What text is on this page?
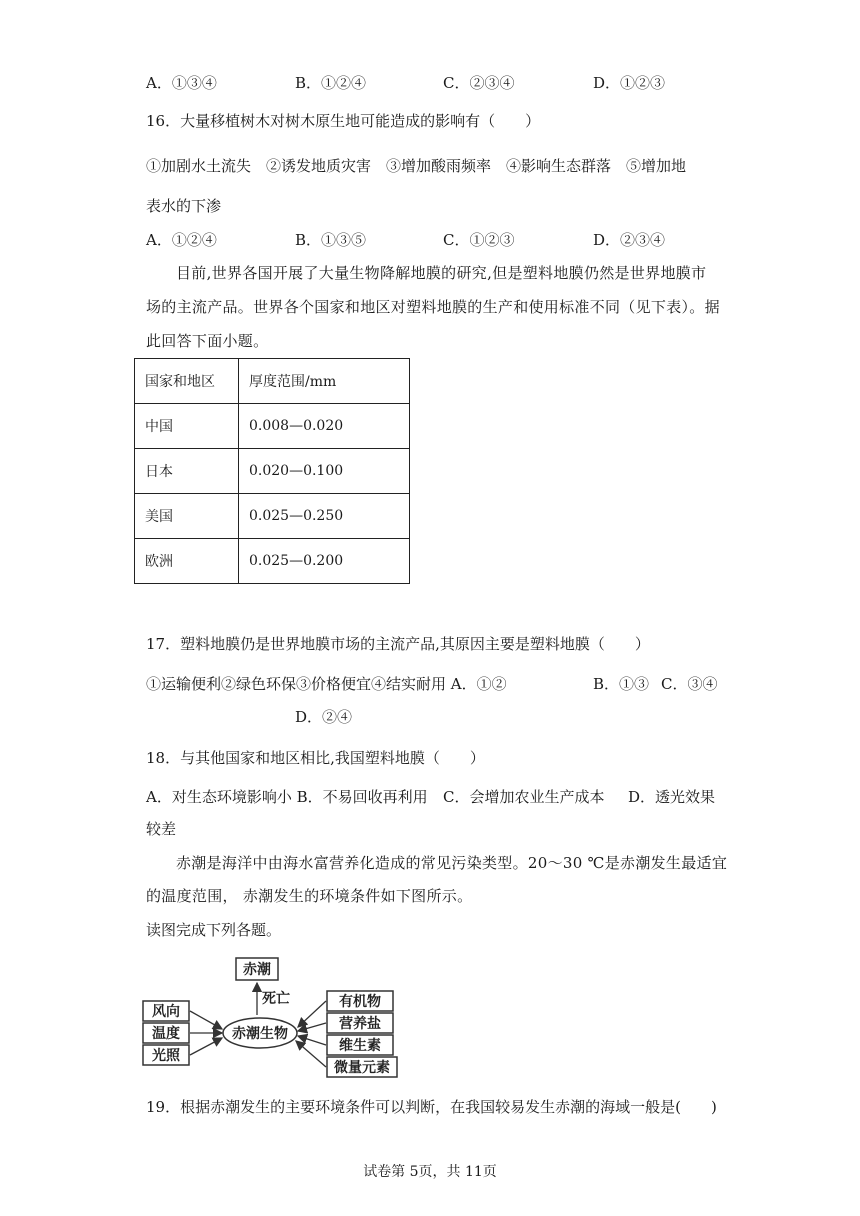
A．①③④	B．①②④	C．②③④	D．①②③
16．大量移植树木对树木原生地可能造成的影响有（　　）
①加剧水土流失　②诱发地质灾害　③增加酸雨频率　④影响生态群落　⑤增加地
表水的下渗
A．①②④	B．①③⑤	C．①②③	D．②③④
目前,世界各国开展了大量生物降解地膜的研究,但是塑料地膜仍然是世界地膜市
场的主流产品。世界各个国家和地区对塑料地膜的生产和使用标准不同（见下表）。据
此回答下面小题。
国家和地区	厚度范围/mm
中国	0.008—0.020
日本	0.020—0.100
美国	0.025—0.250
欧洲	0.025—0.200
17．塑料地膜仍是世界地膜市场的主流产品,其原因主要是塑料地膜（　　）
①运输便利②绿色环保③价格便宜④结实耐用 A．①②	B．①③ C．③④
D．②④
18．与其他国家和地区相比,我国塑料地膜（　　）
A．对生态环境影响小 B．不易回收再利用 C．会增加农业生产成本 D．透光效果
较差
赤潮是海洋中由海水富营养化造成的常见污染类型。20～30 ℃是赤潮发生最适宜
的温度范围， 赤潮发生的环境条件如下图所示。
读图完成下列各题。
赤潮
死亡
赤潮生物
风向
温度
光照
有机物
营养盐
维生素
微量元素
19．根据赤潮发生的主要环境条件可以判断，在我国较易发生赤潮的海域一般是(　　)
试卷第 5页，共 11页
